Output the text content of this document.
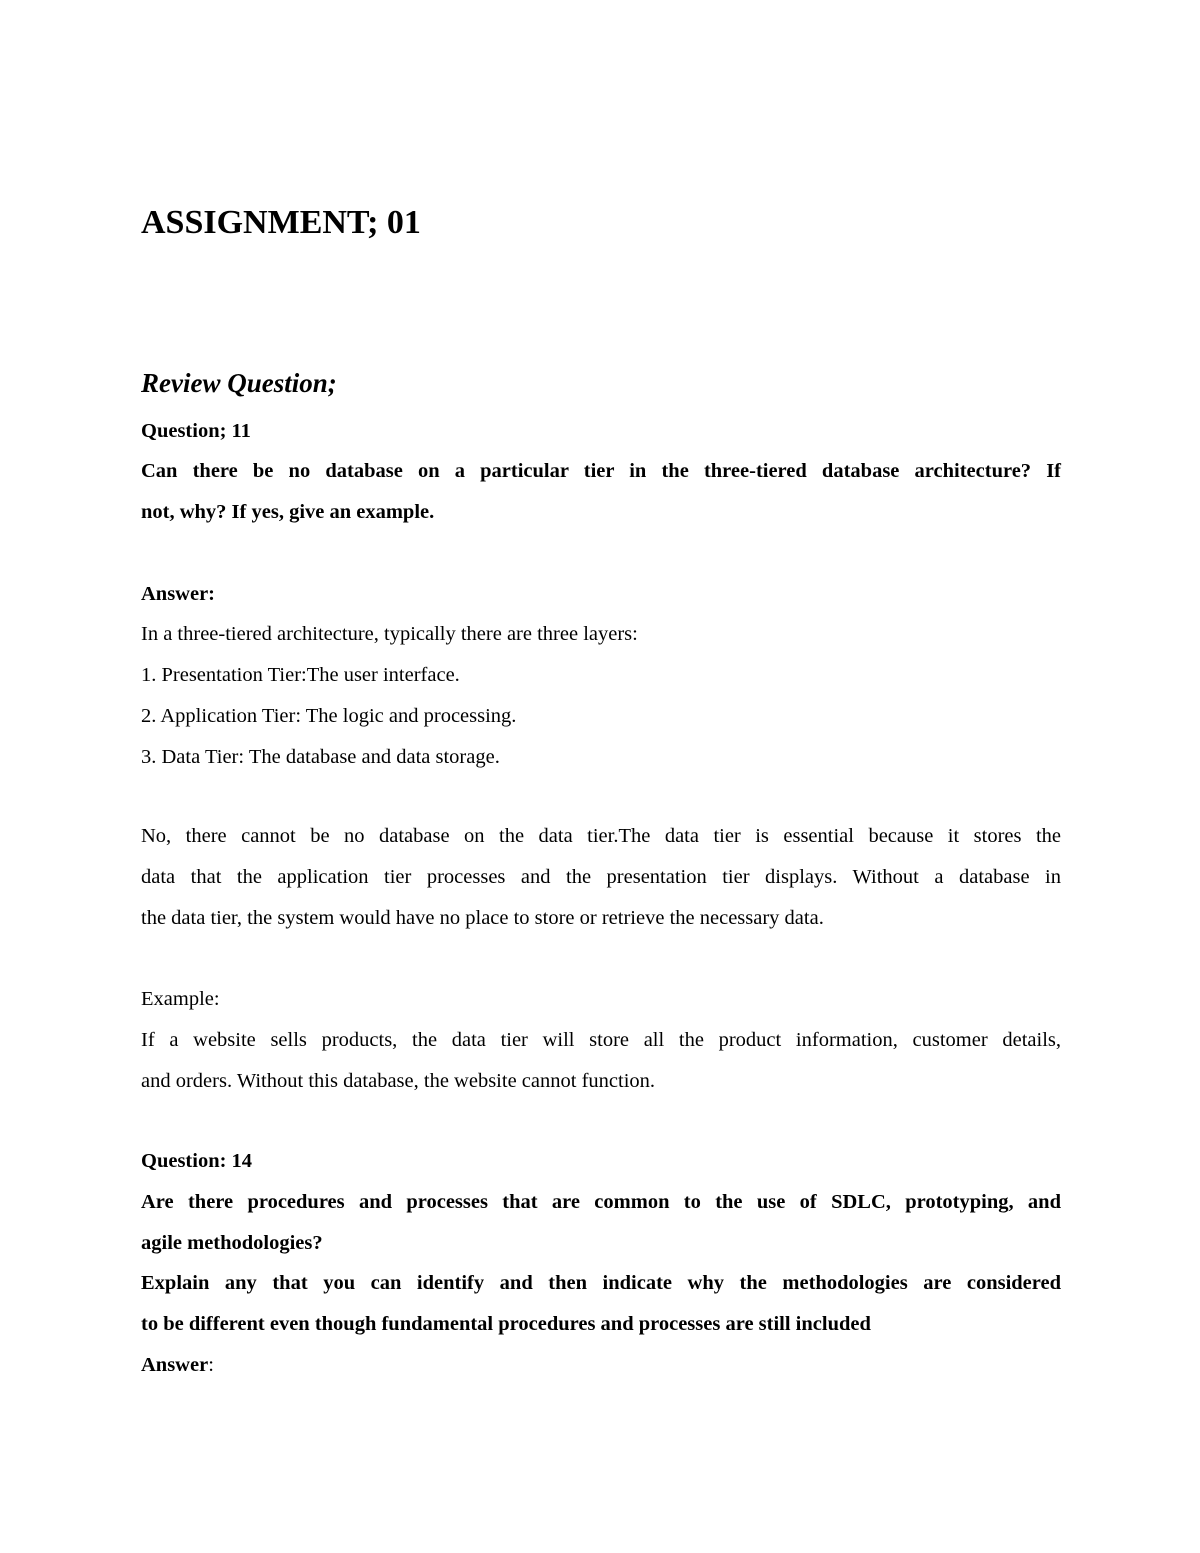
ASSIGNMENT; 01
Review Question;
Question; 11
Can there be no database on a particular tier in the three-tiered database architecture? If
not, why? If yes, give an example.
Answer:
In a three-tiered architecture, typically there are three layers:
1. Presentation Tier:The user interface.
2. Application Tier: The logic and processing.
3. Data Tier: The database and data storage.
No, there cannot be no database on the data tier.The data tier is essential because it stores the
data that the application tier processes and the presentation tier displays. Without a database in
the data tier, the system would have no place to store or retrieve the necessary data.
Example:
If a website sells products, the data tier will store all the product information, customer details,
and orders. Without this database, the website cannot function.
Question: 14
Are there procedures and processes that are common to the use of SDLC, prototyping, and
agile methodologies?
Explain any that you can identify and then indicate why the methodologies are considered
to be different even though fundamental procedures and processes are still included
Answer:
